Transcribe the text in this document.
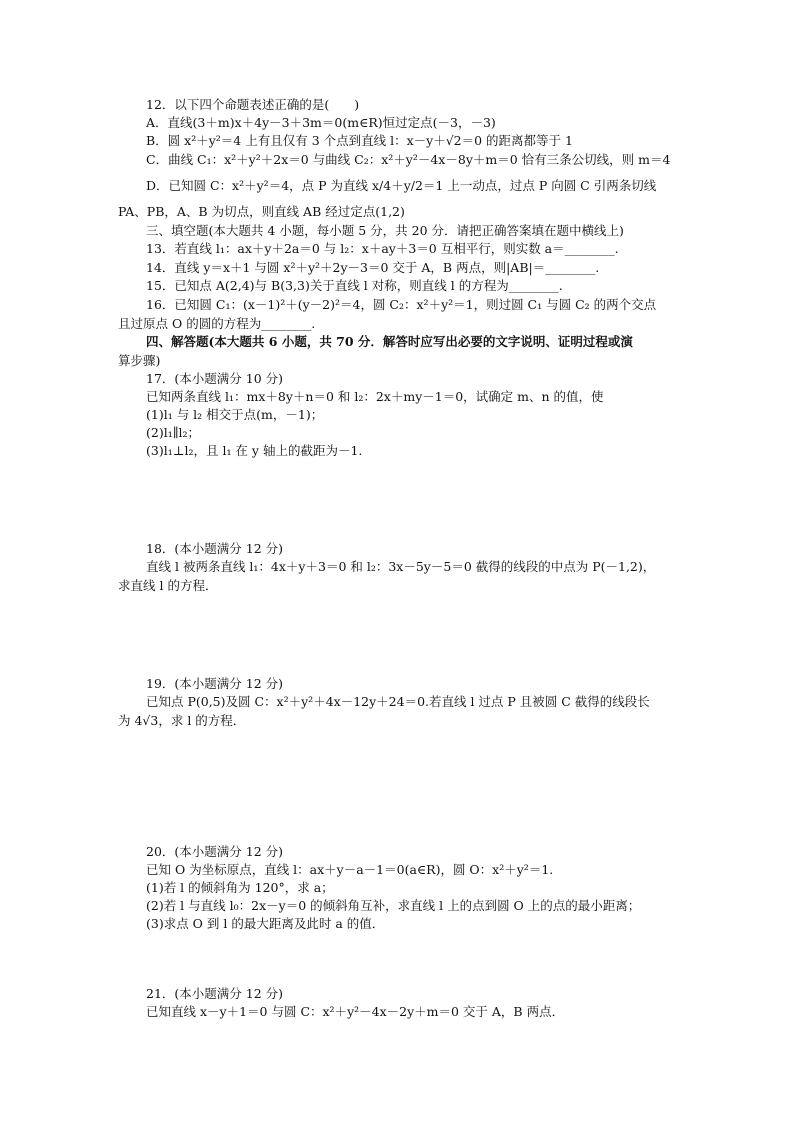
12．以下四个命题表述正确的是(　　)
A．直线(3＋m)x＋4y－3＋3m＝0(m∈R)恒过定点(－3，－3)
B．圆 x²＋y²＝4 上有且仅有 3 个点到直线 l：x－y＋√2＝0 的距离都等于 1
C．曲线 C₁：x²＋y²＋2x＝0 与曲线 C₂：x²＋y²－4x－8y＋m＝0 恰有三条公切线，则 m＝4
D．已知圆 C：x²＋y²＝4，点 P 为直线 x/4＋y/2＝1 上一动点，过点 P 向圆 C 引两条切线
PA、PB，A、B 为切点，则直线 AB 经过定点(1,2)
三、填空题(本大题共 4 小题，每小题 5 分，共 20 分．请把正确答案填在题中横线上)
13．若直线 l₁：ax＋y＋2a＝0 与 l₂：x＋ay＋3＝0 互相平行，则实数 a＝________.
14．直线 y＝x＋1 与圆 x²＋y²＋2y－3＝0 交于 A，B 两点，则|AB|＝________.
15．已知点 A(2,4)与 B(3,3)关于直线 l 对称，则直线 l 的方程为________.
16．已知圆 C₁：(x－1)²＋(y－2)²＝4，圆 C₂：x²＋y²＝1，则过圆 C₁ 与圆 C₂ 的两个交点
且过原点 O 的圆的方程为________.
四、解答题(本大题共 6 小题，共 70 分．解答时应写出必要的文字说明、证明过程或演
算步骤)
17．(本小题满分 10 分)
已知两条直线 l₁：mx＋8y＋n＝0 和 l₂：2x＋my－1＝0，试确定 m、n 的值，使
(1)l₁ 与 l₂ 相交于点(m，－1)；
(2)l₁∥l₂；
(3)l₁⊥l₂，且 l₁ 在 y 轴上的截距为－1.
18．(本小题满分 12 分)
直线 l 被两条直线 l₁：4x＋y＋3＝0 和 l₂：3x－5y－5＝0 截得的线段的中点为 P(－1,2)，
求直线 l 的方程．
19．(本小题满分 12 分)
已知点 P(0,5)及圆 C：x²＋y²＋4x－12y＋24＝0.若直线 l 过点 P 且被圆 C 截得的线段长
为 4√3，求 l 的方程．
20．(本小题满分 12 分)
已知 O 为坐标原点，直线 l：ax＋y－a－1＝0(a∈R)，圆 O：x²＋y²＝1.
(1)若 l 的倾斜角为 120°，求 a；
(2)若 l 与直线 l₀：2x－y＝0 的倾斜角互补，求直线 l 上的点到圆 O 上的点的最小距离；
(3)求点 O 到 l 的最大距离及此时 a 的值．
21．(本小题满分 12 分)
已知直线 x－y＋1＝0 与圆 C：x²＋y²－4x－2y＋m＝0 交于 A，B 两点．
